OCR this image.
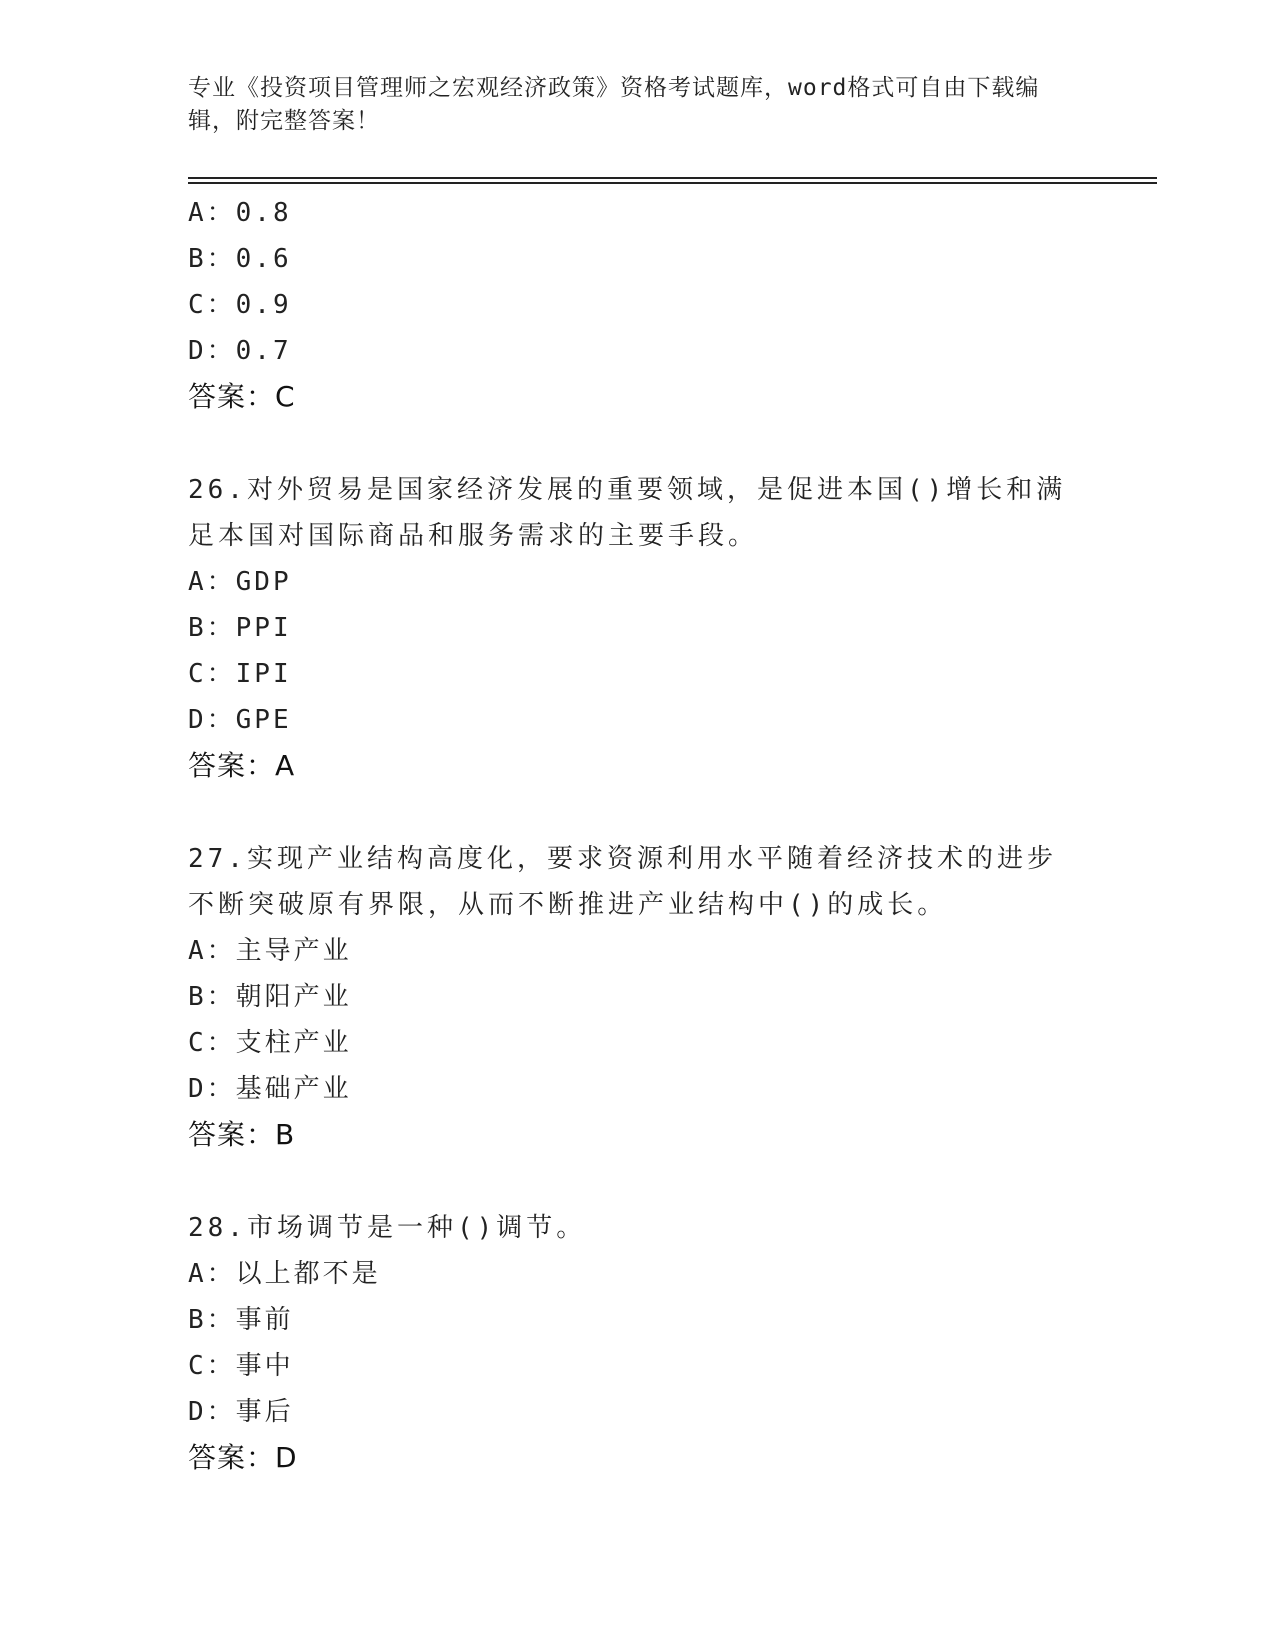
专业《投资项目管理师之宏观经济政策》资格考试题库，word格式可自由下载编辑，附完整答案！
A：0.8
B：0.6
C：0.9
D：0.7
答案：C
26.对外贸易是国家经济发展的重要领域，是促进本国()增长和满足本国对国际商品和服务需求的主要手段。
A：GDP
B：PPI
C：IPI
D：GPE
答案：A
27.实现产业结构高度化，要求资源利用水平随着经济技术的进步不断突破原有界限，从而不断推进产业结构中()的成长。
A：主导产业
B：朝阳产业
C：支柱产业
D：基础产业
答案：B
28.市场调节是一种()调节。
A：以上都不是
B：事前
C：事中
D：事后
答案：D
